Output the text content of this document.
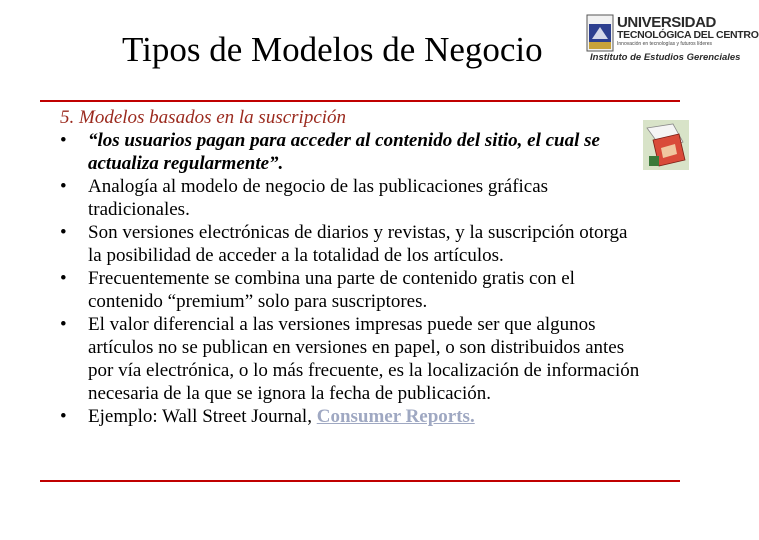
Tipos de Modelos de Negocio
UNIVERSIDAD
TECNOLÓGICA DEL CENTRO
Innovación en tecnologías y futuros líderes
Instituto de Estudios Gerenciales
5. Modelos basados en la suscripción
• “los usuarios pagan para acceder al contenido del sitio, el cual se actualiza regularmente”.
• Analogía al modelo de negocio de las publicaciones gráficas tradicionales.
• Son versiones electrónicas de diarios y revistas, y la suscripción otorga la posibilidad de acceder a la totalidad de los artículos.
• Frecuentemente se combina una parte de contenido gratis con el contenido “premium” solo para suscriptores.
• El valor diferencial a las versiones impresas puede ser que algunos artículos no se publican en versiones en papel, o son distribuidos antes por vía electrónica, o lo más frecuente, es la localización de información necesaria de la que se ignora la fecha de publicación.
• Ejemplo: Wall Street Journal, Consumer Reports.
